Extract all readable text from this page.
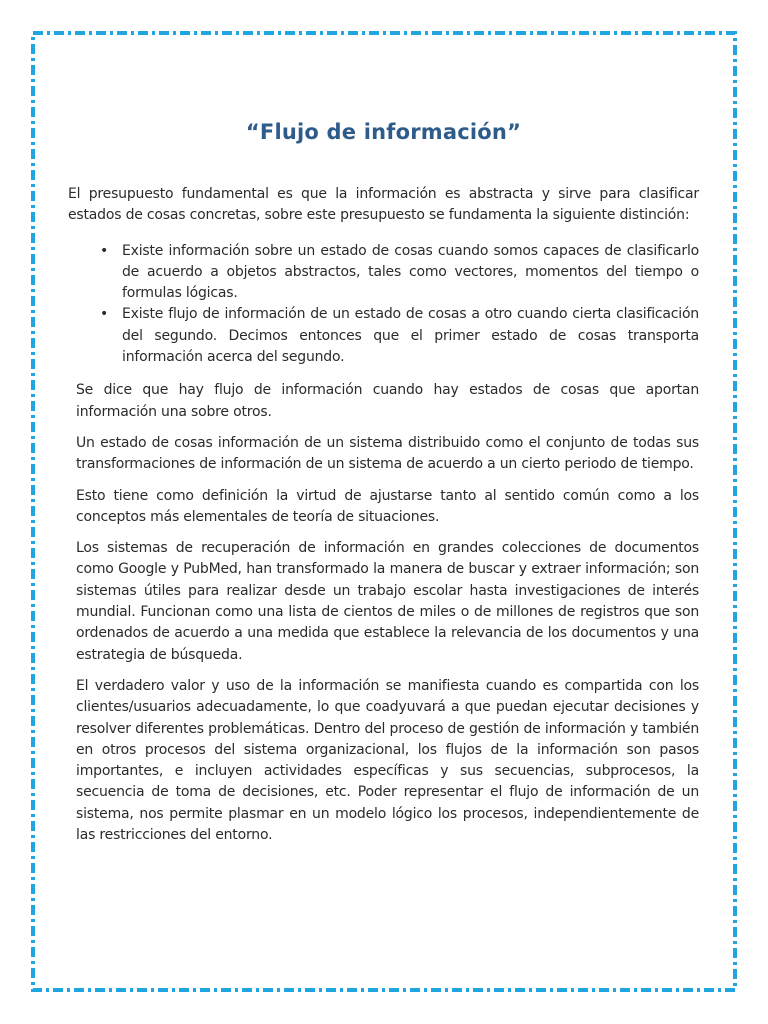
“Flujo de información”

El presupuesto fundamental es que la información es abstracta y sirve para clasificar estados de cosas concretas, sobre este presupuesto se fundamenta la siguiente distinción:

• Existe información sobre un estado de cosas cuando somos capaces de clasificarlo de acuerdo a objetos abstractos, tales como vectores, momentos del tiempo o formulas lógicas.
• Existe flujo de información de un estado de cosas a otro cuando cierta clasificación del segundo. Decimos entonces que el primer estado de cosas transporta información acerca del segundo.

Se dice que hay flujo de información cuando hay estados de cosas que aportan información una sobre otros.

Un estado de cosas información de un sistema distribuido como el conjunto de todas sus transformaciones de información de un sistema de acuerdo a un cierto periodo de tiempo.

Esto tiene como definición la virtud de ajustarse tanto al sentido común como a los conceptos más elementales de teoría de situaciones.

Los sistemas de recuperación de información en grandes colecciones de documentos como Google y PubMed, han transformado la manera de buscar y extraer información; son sistemas útiles para realizar desde un trabajo escolar hasta investigaciones de interés mundial. Funcionan como una lista de cientos de miles o de millones de registros que son ordenados de acuerdo a una medida que establece la relevancia de los documentos y una estrategia de búsqueda.

El verdadero valor y uso de la información se manifiesta cuando es compartida con los clientes/usuarios adecuadamente, lo que coadyuvará a que puedan ejecutar decisiones y resolver diferentes problemáticas. Dentro del proceso de gestión de información y también en otros procesos del sistema organizacional, los flujos de la información son pasos importantes, e incluyen actividades específicas y sus secuencias, subprocesos, la secuencia de toma de decisiones, etc. Poder representar el flujo de información de un sistema, nos permite plasmar en un modelo lógico los procesos, independientemente de las restricciones del entorno.
